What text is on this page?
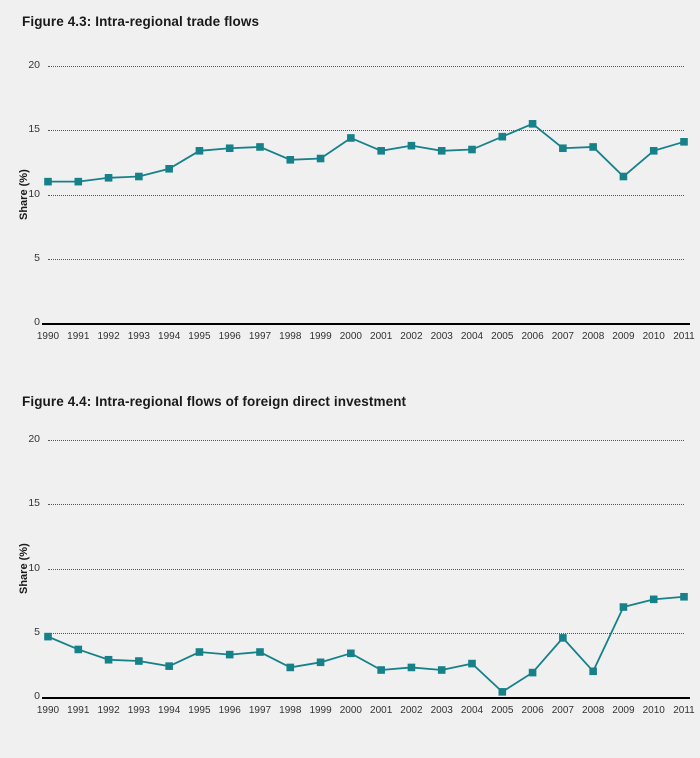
Figure 4.3: Intra-regional trade flows
Share (%)
0
5
10
15
20
1990 1991 1992 1993 1994 1995 1996 1997 1998 1999 2000 2001 2002 2003 2004 2005 2006 2007 2008 2009 2010 2011
Figure 4.4: Intra-regional flows of foreign direct investment
Share (%)
0
5
10
15
20
1990 1991 1992 1993 1994 1995 1996 1997 1998 1999 2000 2001 2002 2003 2004 2005 2006 2007 2008 2009 2010 2011
